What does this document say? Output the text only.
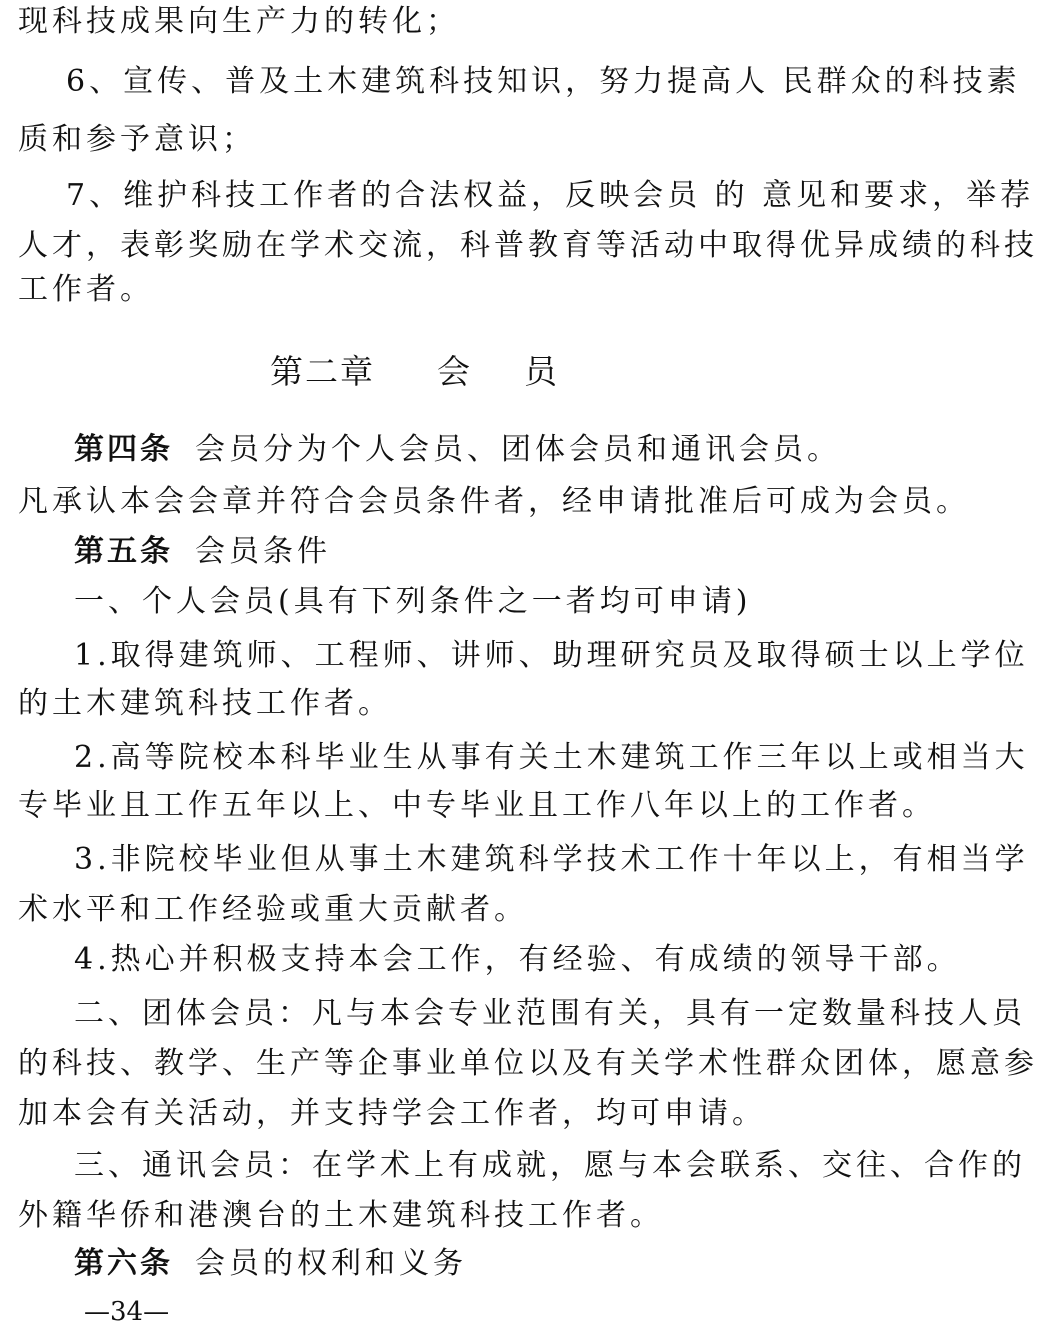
现科技成果向生产力的转化；
6、宣传、普及土木建筑科技知识，努力提高人 民群众的科技素
质和参予意识；
7、维护科技工作者的合法权益，反映会员 的 意见和要求，举荐
人才，表彰奖励在学术交流，科普教育等活动中取得优异成绩的科技
工作者。
第二章 会 员
第四条 会员分为个人会员、团体会员和通讯会员。
凡承认本会会章并符合会员条件者，经申请批准后可成为会员。
第五条 会员条件
一、个人会员(具有下列条件之一者均可申请)
1.取得建筑师、工程师、讲师、助理研究员及取得硕士以上学位
的土木建筑科技工作者。
2.高等院校本科毕业生从事有关土木建筑工作三年以上或相当大
专毕业且工作五年以上、中专毕业且工作八年以上的工作者。
3.非院校毕业但从事土木建筑科学技术工作十年以上，有相当学
术水平和工作经验或重大贡献者。
4.热心并积极支持本会工作，有经验、有成绩的领导干部。
二、团体会员：凡与本会专业范围有关，具有一定数量科技人员
的科技、教学、生产等企事业单位以及有关学术性群众团体，愿意参
加本会有关活动，并支持学会工作者，均可申请。
三、通讯会员：在学术上有成就，愿与本会联系、交往、合作的
外籍华侨和港澳台的土木建筑科技工作者。
第六条 会员的权利和义务
—34—
